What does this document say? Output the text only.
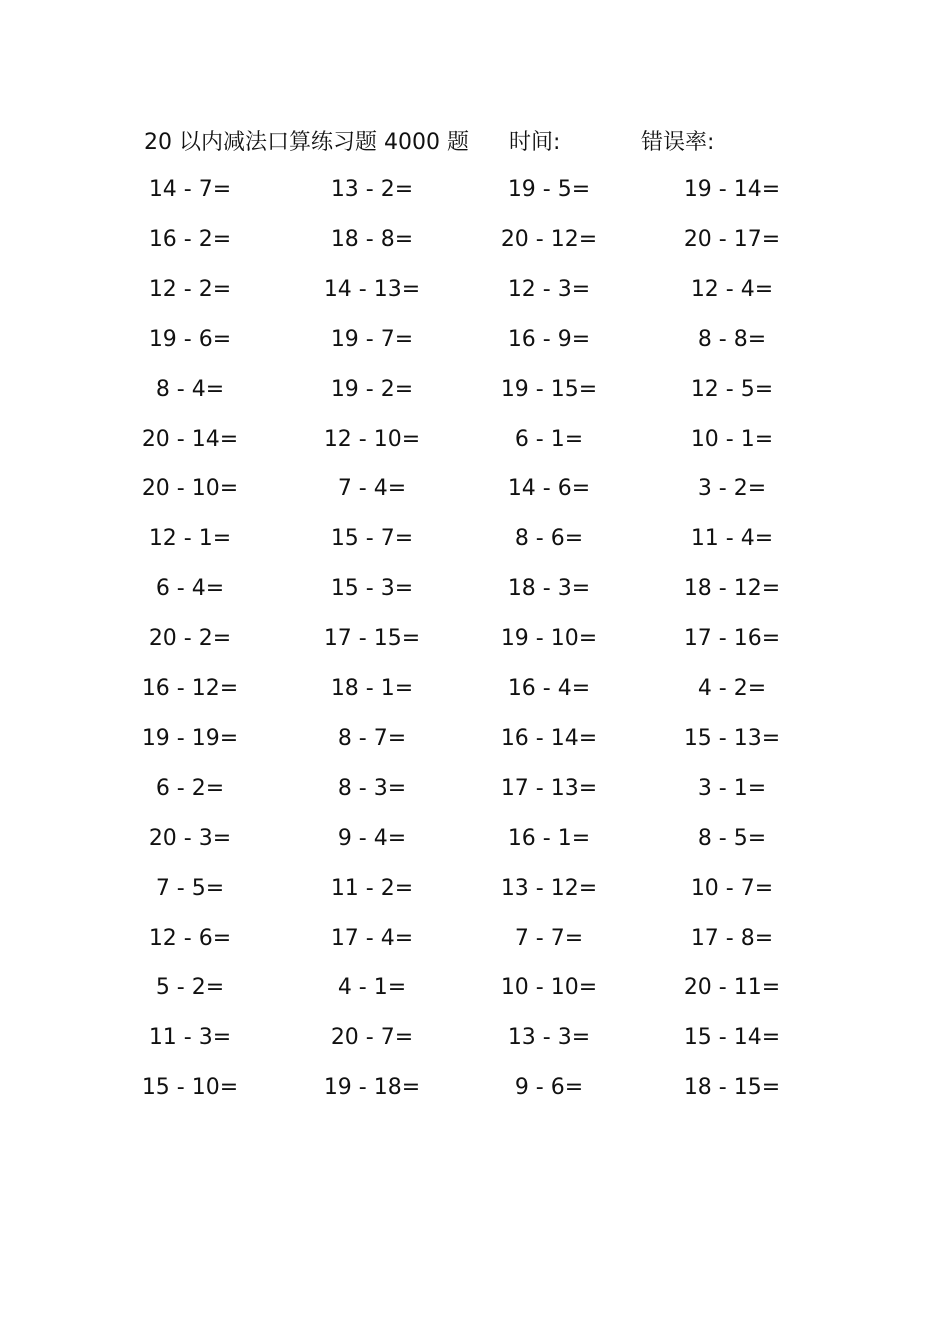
20 以内减法口算练习题 4000 题 时间:	错误率:
14 - 7=	13 - 2=	19 - 5=	19 - 14=
16 - 2=	18 - 8=	20 - 12=	20 - 17=
12 - 2=	14 - 13=	12 - 3=	12 - 4=
19 - 6=	19 - 7=	16 - 9=	8 - 8=
8 - 4=	19 - 2=	19 - 15=	12 - 5=
20 - 14=	12 - 10=	6 - 1=	10 - 1=
20 - 10=	7 - 4=	14 - 6=	3 - 2=
12 - 1=	15 - 7=	8 - 6=	11 - 4=
6 - 4=	15 - 3=	18 - 3=	18 - 12=
20 - 2=	17 - 15=	19 - 10=	17 - 16=
16 - 12=	18 - 1=	16 - 4=	4 - 2=
19 - 19=	8 - 7=	16 - 14=	15 - 13=
6 - 2=	8 - 3=	17 - 13=	3 - 1=
20 - 3=	9 - 4=	16 - 1=	8 - 5=
7 - 5=	11 - 2=	13 - 12=	10 - 7=
12 - 6=	17 - 4=	7 - 7=	17 - 8=
5 - 2=	4 - 1=	10 - 10=	20 - 11=
11 - 3=	20 - 7=	13 - 3=	15 - 14=
15 - 10=	19 - 18=	9 - 6=	18 - 15=
